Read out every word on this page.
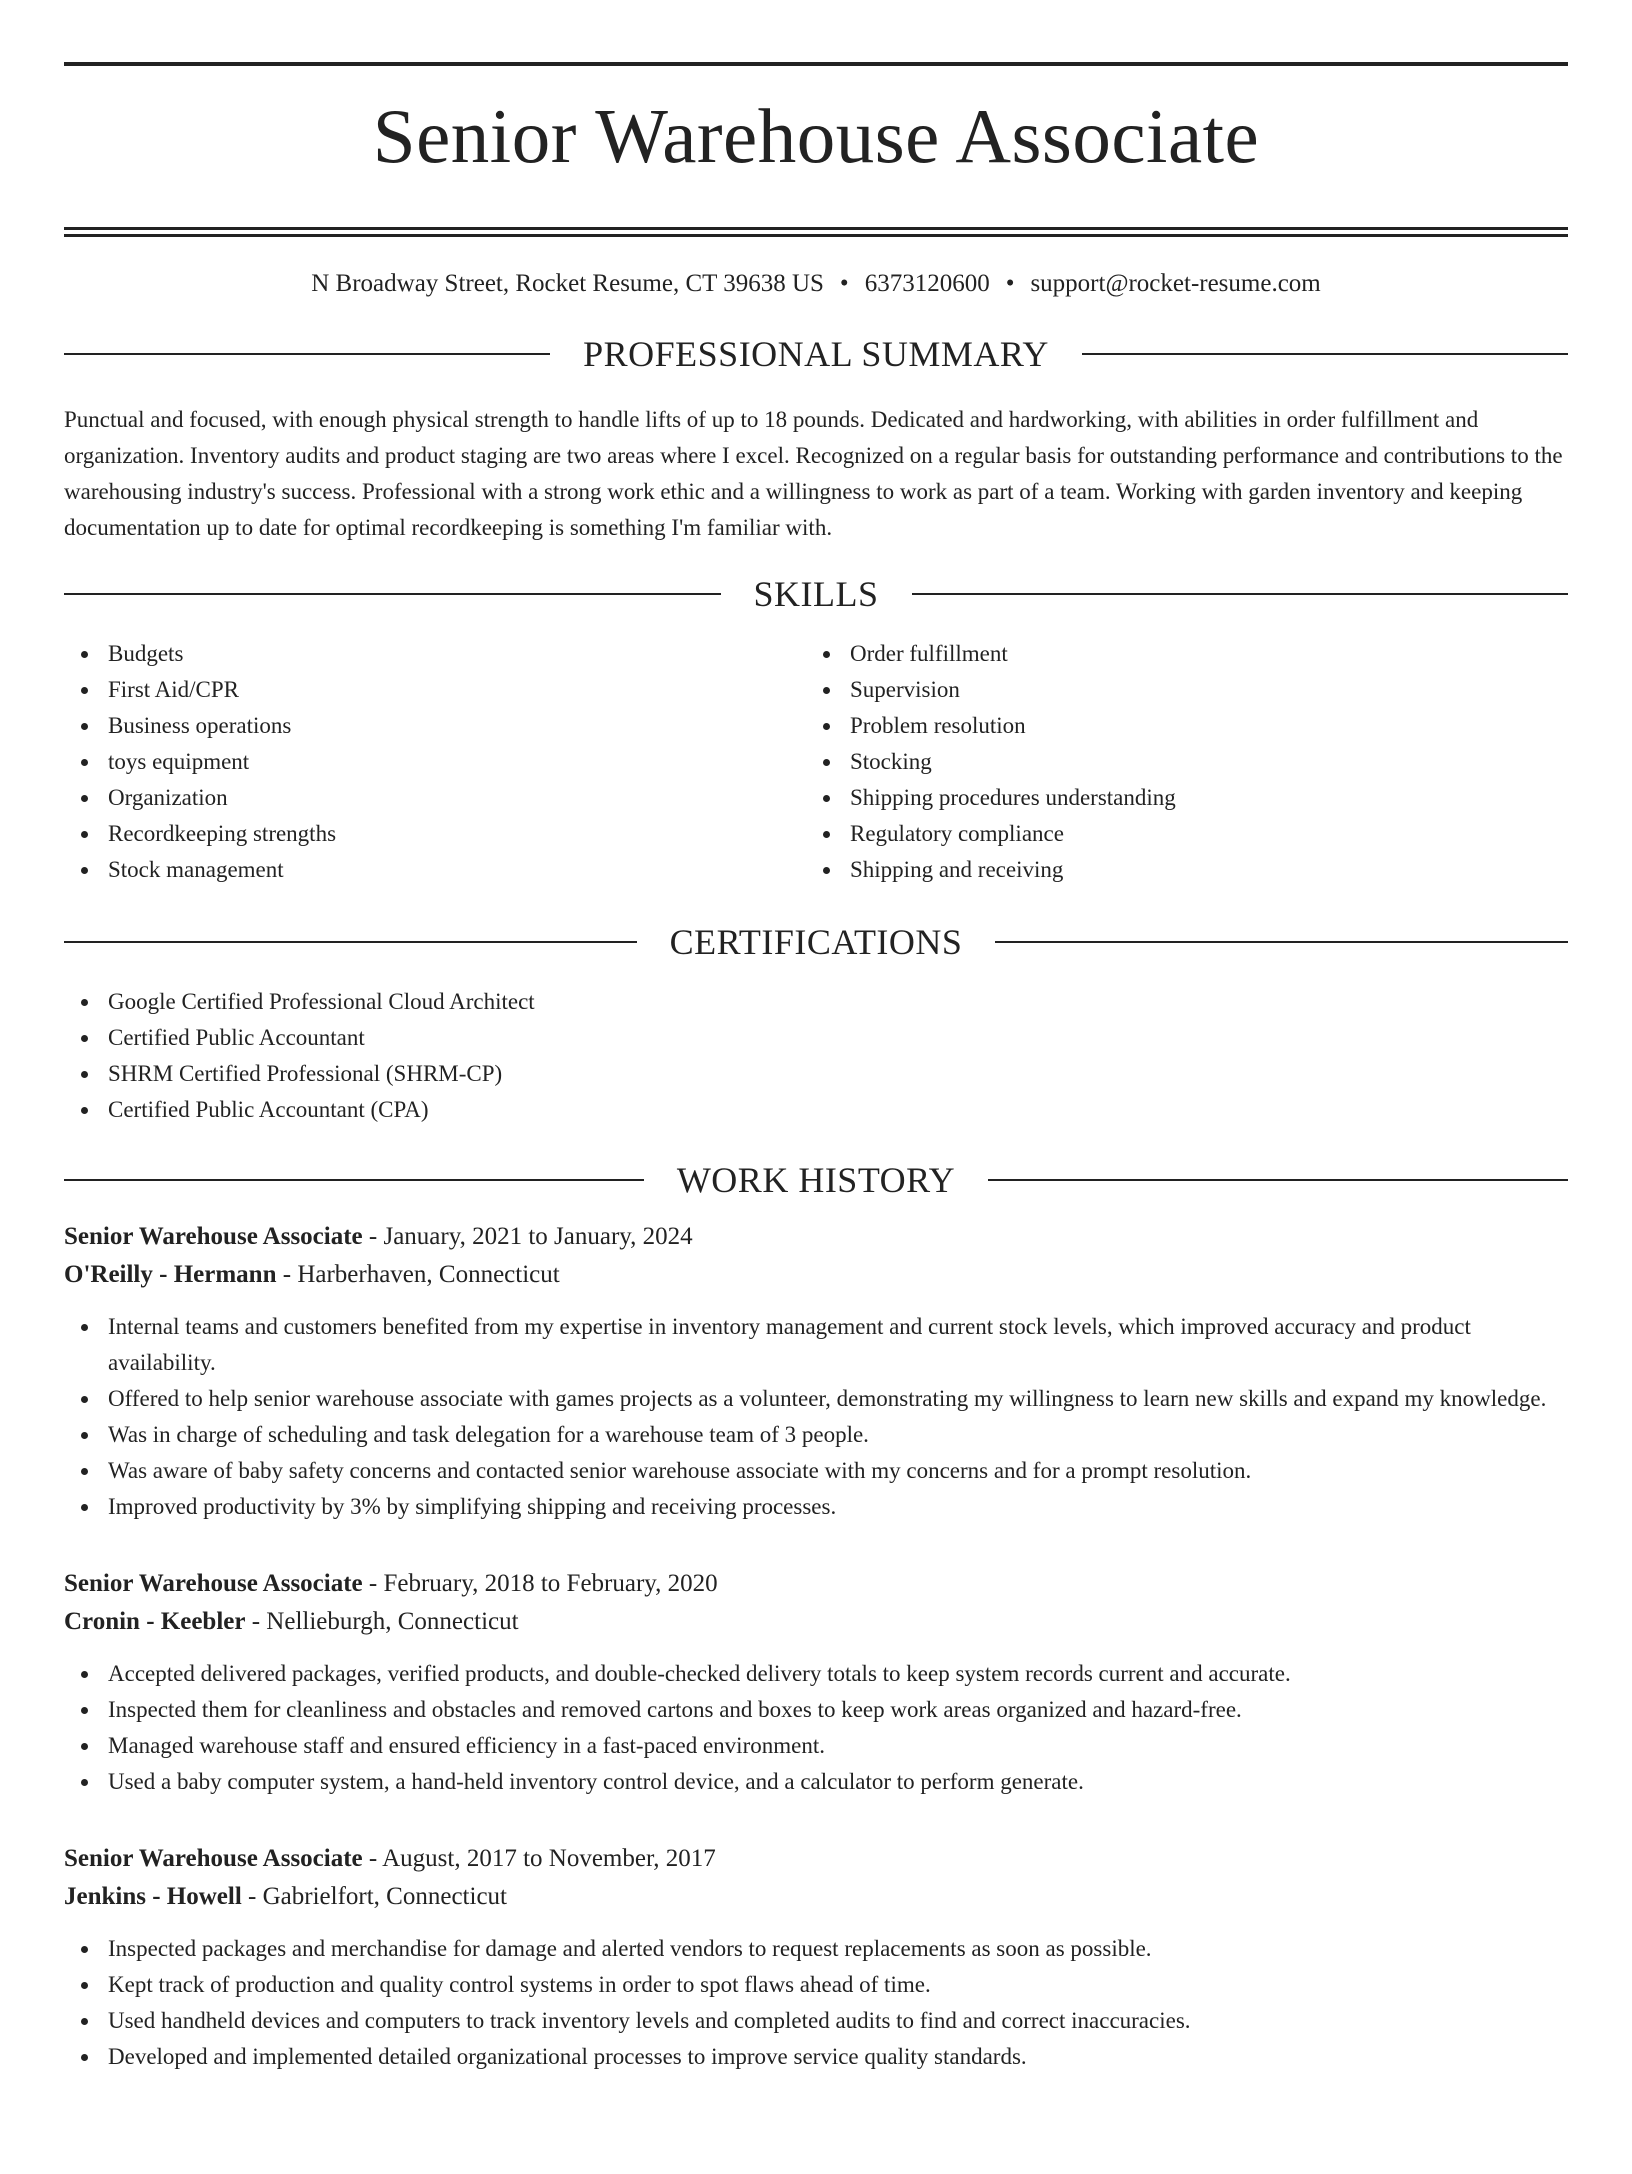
Senior Warehouse Associate
N Broadway Street, Rocket Resume, CT 39638 US • 6373120600 • support@rocket-resume.com
PROFESSIONAL SUMMARY
Punctual and focused, with enough physical strength to handle lifts of up to 18 pounds. Dedicated and hardworking, with abilities in order fulfillment and organization. Inventory audits and product staging are two areas where I excel. Recognized on a regular basis for outstanding performance and contributions to the warehousing industry's success. Professional with a strong work ethic and a willingness to work as part of a team. Working with garden inventory and keeping documentation up to date for optimal recordkeeping is something I'm familiar with.
SKILLS
Budgets
First Aid/CPR
Business operations
toys equipment
Organization
Recordkeeping strengths
Stock management
Order fulfillment
Supervision
Problem resolution
Stocking
Shipping procedures understanding
Regulatory compliance
Shipping and receiving
CERTIFICATIONS
Google Certified Professional Cloud Architect
Certified Public Accountant
SHRM Certified Professional (SHRM-CP)
Certified Public Accountant (CPA)
WORK HISTORY
Senior Warehouse Associate - January, 2021 to January, 2024
O'Reilly - Hermann - Harberhaven, Connecticut
Internal teams and customers benefited from my expertise in inventory management and current stock levels, which improved accuracy and product availability.
Offered to help senior warehouse associate with games projects as a volunteer, demonstrating my willingness to learn new skills and expand my knowledge.
Was in charge of scheduling and task delegation for a warehouse team of 3 people.
Was aware of baby safety concerns and contacted senior warehouse associate with my concerns and for a prompt resolution.
Improved productivity by 3% by simplifying shipping and receiving processes.
Senior Warehouse Associate - February, 2018 to February, 2020
Cronin - Keebler - Nellieburgh, Connecticut
Accepted delivered packages, verified products, and double-checked delivery totals to keep system records current and accurate.
Inspected them for cleanliness and obstacles and removed cartons and boxes to keep work areas organized and hazard-free.
Managed warehouse staff and ensured efficiency in a fast-paced environment.
Used a baby computer system, a hand-held inventory control device, and a calculator to perform generate.
Senior Warehouse Associate - August, 2017 to November, 2017
Jenkins - Howell - Gabrielfort, Connecticut
Inspected packages and merchandise for damage and alerted vendors to request replacements as soon as possible.
Kept track of production and quality control systems in order to spot flaws ahead of time.
Used handheld devices and computers to track inventory levels and completed audits to find and correct inaccuracies.
Developed and implemented detailed organizational processes to improve service quality standards.
